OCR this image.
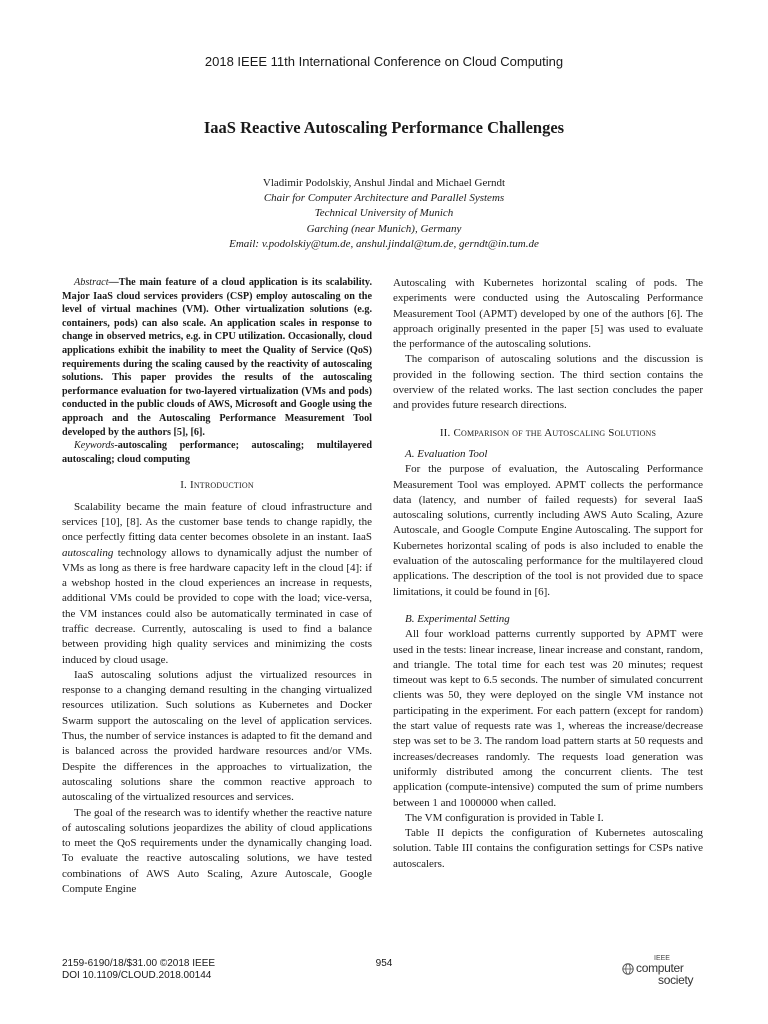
2018 IEEE 11th International Conference on Cloud Computing
IaaS Reactive Autoscaling Performance Challenges
Vladimir Podolskiy, Anshul Jindal and Michael Gerndt
Chair for Computer Architecture and Parallel Systems
Technical University of Munich
Garching (near Munich), Germany
Email: v.podolskiy@tum.de, anshul.jindal@tum.de, gerndt@in.tum.de

Abstract—The main feature of a cloud application is its scalability. Major IaaS cloud services providers (CSP) employ autoscaling on the level of virtual machines (VM). Other virtualization solutions (e.g. containers, pods) can also scale. An application scales in response to change in observed metrics, e.g. in CPU utilization. Occasionally, cloud applications exhibit the inability to meet the Quality of Service (QoS) requirements during the scaling caused by the reactivity of autoscaling solutions. This paper provides the results of the autoscaling performance evaluation for two-layered virtualization (VMs and pods) conducted in the public clouds of AWS, Microsoft and Google using the approach and the Autoscaling Performance Measurement Tool developed by the authors [5], [6].

Keywords-autoscaling performance; autoscaling; multilayered autoscaling; cloud computing

I. Introduction

Scalability became the main feature of cloud infrastructure and services [10], [8]. As the customer base tends to change rapidly, the once perfectly fitting data center becomes obsolete in an instant. IaaS autoscaling technology allows to dynamically adjust the number of VMs as long as there is free hardware capacity left in the cloud [4]: if a webshop hosted in the cloud experiences an increase in requests, additional VMs could be provided to cope with the load; vice-versa, the VM instances could also be automatically terminated in case of traffic decrease. Currently, autoscaling is used to find a balance between providing high quality services and minimizing the costs induced by cloud usage.

IaaS autoscaling solutions adjust the virtualized resources in response to a changing demand resulting in the changing virtualized resources utilization. Such solutions as Kubernetes and Docker Swarm support the autoscaling on the level of application services. Thus, the number of service instances is adapted to fit the demand and is balanced across the provided hardware resources and/or VMs. Despite the differences in the approaches to virtualization, the autoscaling solutions share the common reactive approach to autoscaling of the virtualized resources and services.

The goal of the research was to identify whether the reactive nature of autoscaling solutions jeopardizes the ability of cloud applications to meet the QoS requirements under the dynamically changing load. To evaluate the reactive autoscaling solutions, we have tested combinations of AWS Auto Scaling, Azure Autoscale, Google Compute Engine

Autoscaling with Kubernetes horizontal scaling of pods. The experiments were conducted using the Autoscaling Performance Measurement Tool (APMT) developed by one of the authors [6]. The approach originally presented in the paper [5] was used to evaluate the performance of the autoscaling solutions.

The comparison of autoscaling solutions and the discussion is provided in the following section. The third section contains the overview of the related works. The last section concludes the paper and provides future research directions.

II. Comparison of the Autoscaling Solutions

A. Evaluation Tool

For the purpose of evaluation, the Autoscaling Performance Measurement Tool was employed. APMT collects the performance data (latency, and number of failed requests) for several IaaS autoscaling solutions, currently including AWS Auto Scaling, Azure Autoscale, and Google Compute Engine Autoscaling. The support for Kubernetes horizontal scaling of pods is also included to enable the evaluation of the autoscaling performance for the multilayered cloud applications. The description of the tool is not provided due to space limitations, it could be found in [6].

B. Experimental Setting

All four workload patterns currently supported by APMT were used in the tests: linear increase, linear increase and constant, random, and triangle. The total time for each test was 20 minutes; request timeout was kept to 6.5 seconds. The number of simulated concurrent clients was 50, they were deployed on the single VM instance not participating in the experiment. For each pattern (except for random) the start value of requests rate was 1, whereas the increase/decrease step was set to be 3. The random load pattern starts at 50 requests and increases/decreases randomly. The requests load generation was uniformly distributed among the concurrent clients. The test application (compute-intensive) computed the sum of prime numbers between 1 and 1000000 when called.

The VM configuration is provided in Table I.

Table II depicts the configuration of Kubernetes autoscaling solution. Table III contains the configuration settings for CSPs native autoscalers.

2159-6190/18/$31.00 ©2018 IEEE
DOI 10.1109/CLOUD.2018.00144
954	IEEE
computer
society
